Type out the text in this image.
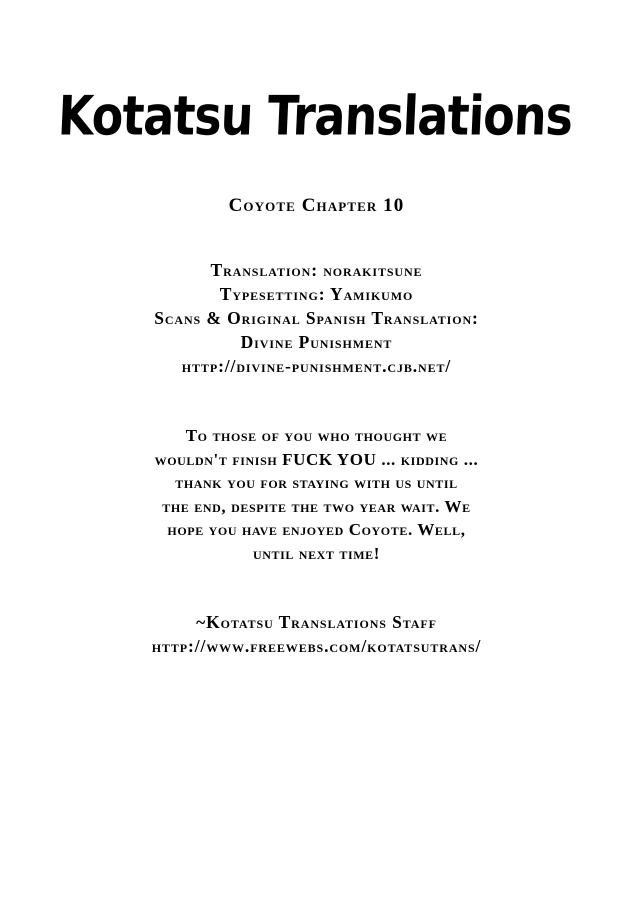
Kotatsu Translations
Coyote Chapter 10
Translation: norakitsune
Typesetting: Yamikumo
Scans & Original Spanish Translation:
Divine Punishment
http://divine-punishment.cjb.net/
To those of you who thought we
wouldn't finish FUCK YOU ... kidding ...
thank you for staying with us until
the end, despite the two year wait. We
hope you have enjoyed Coyote. Well,
until next time!
~Kotatsu Translations Staff
http://www.freewebs.com/kotatsutrans/
